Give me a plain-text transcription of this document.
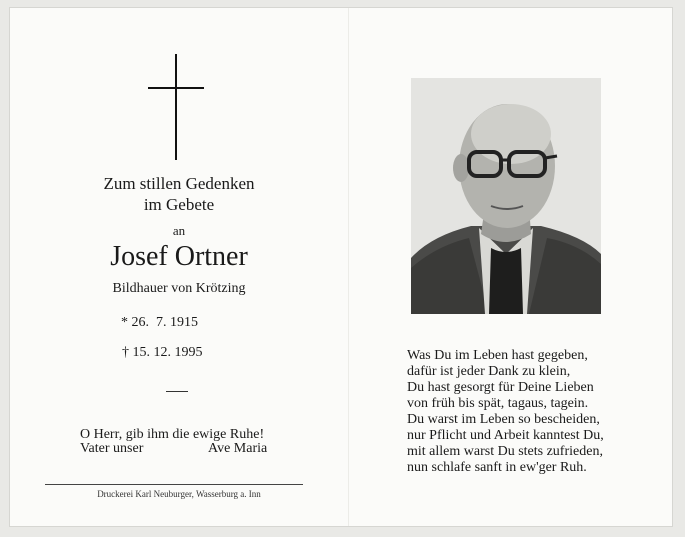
Zum stillen Gedenken
im Gebete
an
Josef Ortner
Bildhauer von Krötzing
* 26.  7. 1915
† 15. 12. 1995
O Herr, gib ihm die ewige Ruhe!
Vater unser	Ave Maria
Druckerei Karl Neuburger, Wasserburg a. Inn
Was Du im Leben hast gegeben,
dafür ist jeder Dank zu klein,
Du hast gesorgt für Deine Lieben
von früh bis spät, tagaus, tagein.
Du warst im Leben so bescheiden,
nur Pflicht und Arbeit kanntest Du,
mit allem warst Du stets zufrieden,
nun schlafe sanft in ew'ger Ruh.
